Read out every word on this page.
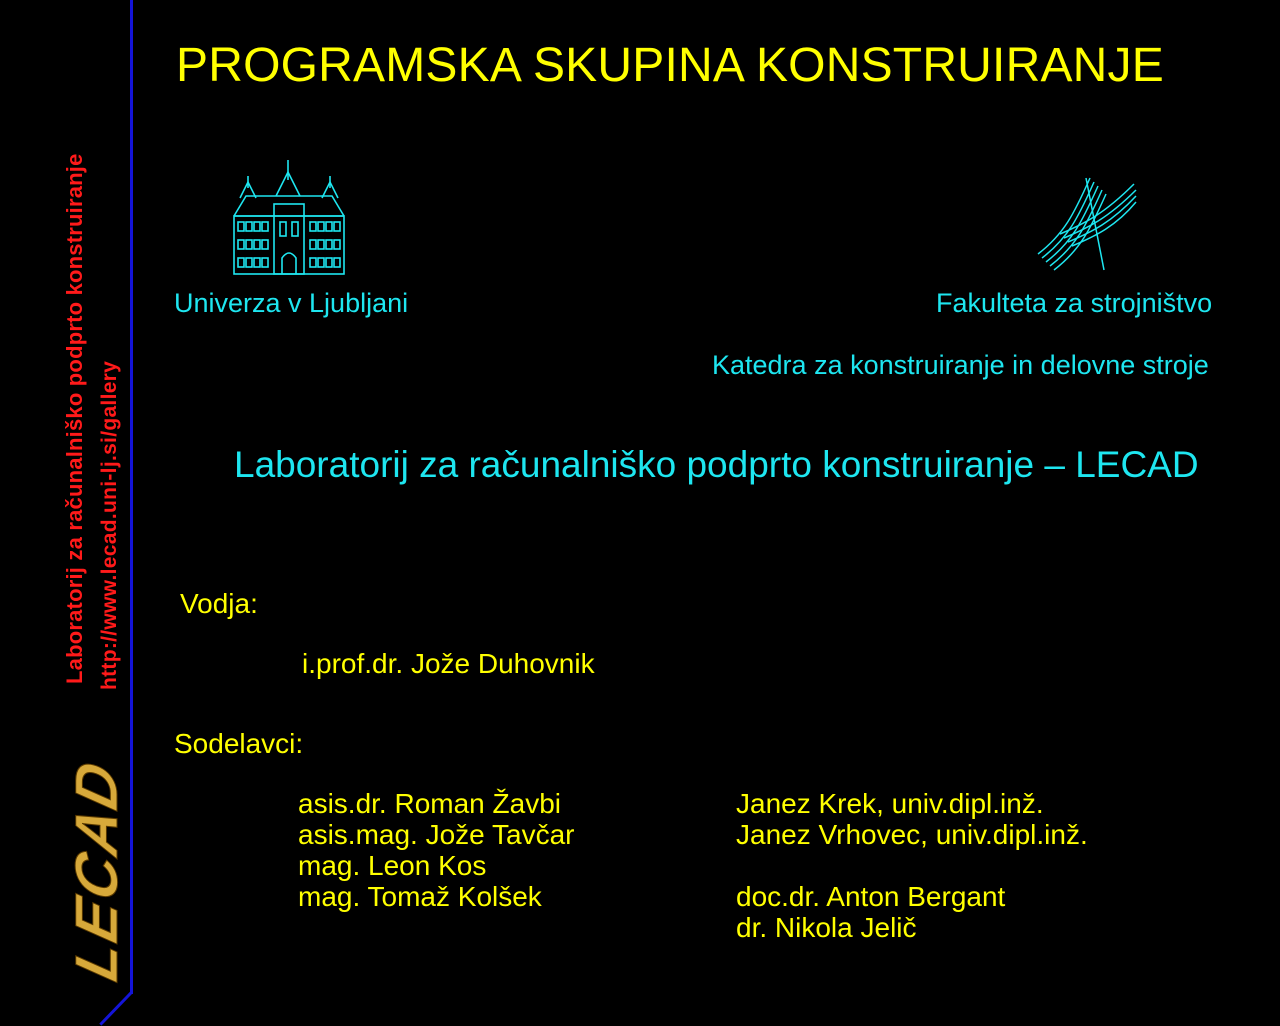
Laboratorij za računalniško podprto konstruiranje http://www.lecad.uni-lj.si/gallery
LECAD
PROGRAMSKA SKUPINA KONSTRUIRANJE
Univerza v Ljubljani	Fakulteta za strojništvo
Katedra za konstruiranje in delovne stroje
Laboratorij za računalniško podprto konstruiranje – LECAD
Vodja:
i.prof.dr. Jože Duhovnik
Sodelavci:
asis.dr. Roman Žavbi
asis.mag. Jože Tavčar
mag. Leon Kos
mag. Tomaž Kolšek
Janez Krek, univ.dipl.inž.
Janez Vrhovec, univ.dipl.inž.
doc.dr. Anton Bergant
dr. Nikola Jelič
